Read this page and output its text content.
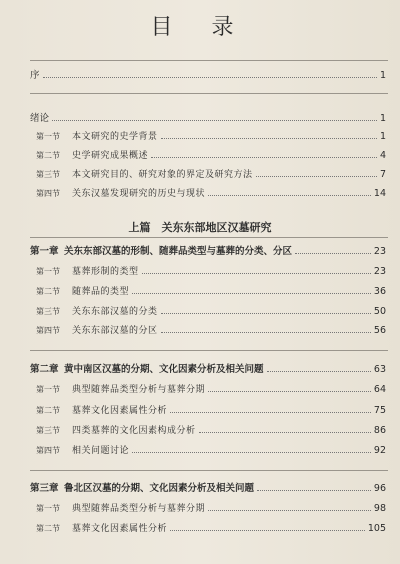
目 录
序	1
绪论	1
第一节	本文研究的史学背景	1
第二节	史学研究成果概述	4
第三节	本文研究目的、研究对象的界定及研究方法	7
第四节	关东汉墓发现研究的历史与现状	14
上篇　关东东部地区汉墓研究
第一章 关东东部汉墓的形制、随葬品类型与墓葬的分类、分区	23
第一节	墓葬形制的类型	23
第二节	随葬品的类型	36
第三节	关东东部汉墓的分类	50
第四节	关东东部汉墓的分区	56
第二章 黄中南区汉墓的分期、文化因素分析及相关问题	63
第一节	典型随葬品类型分析与墓葬分期	64
第二节	墓葬文化因素属性分析	75
第三节	四类墓葬的文化因素构成分析	86
第四节	相关问题讨论	92
第三章 鲁北区汉墓的分期、文化因素分析及相关问题	96
第一节	典型随葬品类型分析与墓葬分期	98
第二节	墓葬文化因素属性分析	105
